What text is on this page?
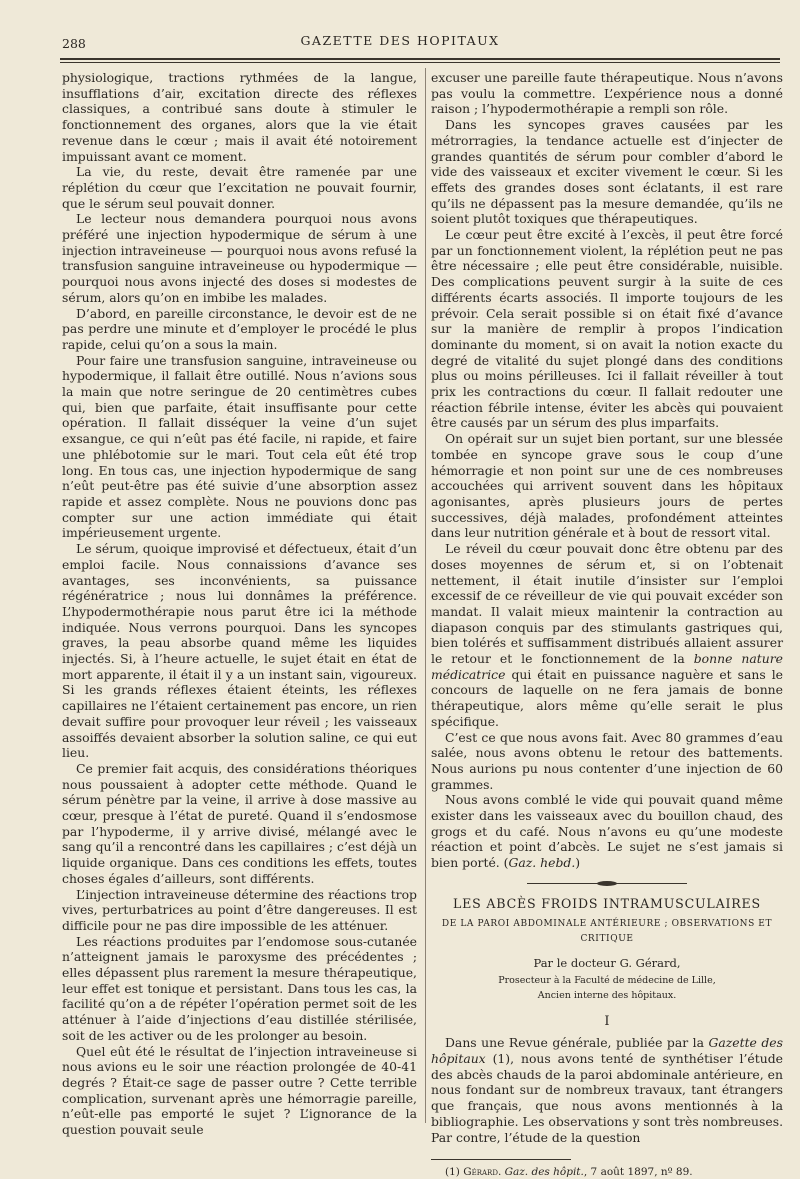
288	GAZETTE DES HOPITAUX

physiologique, tractions rythmées de la langue, insufflations d’air, excitation directe des réflexes classiques, a contribué sans doute à stimuler le fonctionnement des organes, alors que la vie était revenue dans le cœur ; mais il avait été notoirement impuissant avant ce moment.

La vie, du reste, devait être ramenée par une réplétion du cœur que l’excitation ne pouvait fournir, que le sérum seul pouvait donner.

Le lecteur nous demandera pourquoi nous avons préféré une injection hypodermique de sérum à une injection intraveineuse — pourquoi nous avons refusé la transfusion sanguine intraveineuse ou hypodermique — pourquoi nous avons injecté des doses si modestes de sérum, alors qu’on en imbibe les malades.

D’abord, en pareille circonstance, le devoir est de ne pas perdre une minute et d’employer le procédé le plus rapide, celui qu’on a sous la main.

Pour faire une transfusion sanguine, intraveineuse ou hypodermique, il fallait être outillé. Nous n’avions sous la main que notre seringue de 20 centimètres cubes qui, bien que parfaite, était insuffisante pour cette opération. Il fallait disséquer la veine d’un sujet exsangue, ce qui n’eût pas été facile, ni rapide, et faire une phlébotomie sur le mari. Tout cela eût été trop long. En tous cas, une injection hypodermique de sang n’eût peut-être pas été suivie d’une absorption assez rapide et assez complète. Nous ne pouvions donc pas compter sur une action immédiate qui était impérieusement urgente.

Le sérum, quoique improvisé et défectueux, était d’un emploi facile. Nous connaissions d’avance ses avantages, ses inconvénients, sa puissance régénératrice ; nous lui donnâmes la préférence. L’hypodermothérapie nous parut être ici la méthode indiquée. Nous verrons pourquoi. Dans les syncopes graves, la peau absorbe quand même les liquides injectés. Si, à l’heure actuelle, le sujet était en état de mort apparente, il était il y a un instant sain, vigoureux. Si les grands réflexes étaient éteints, les réflexes capillaires ne l’étaient certainement pas encore, un rien devait suffire pour provoquer leur réveil ; les vaisseaux assoiffés devaient absorber la solution saline, ce qui eut lieu.

Ce premier fait acquis, des considérations théoriques nous poussaient à adopter cette méthode. Quand le sérum pénètre par la veine, il arrive à dose massive au cœur, presque à l’état de pureté. Quand il s’endosmose par l’hypoderme, il y arrive divisé, mélangé avec le sang qu’il a rencontré dans les capillaires ; c’est déjà un liquide organique. Dans ces conditions les effets, toutes choses égales d’ailleurs, sont différents.

L’injection intraveineuse détermine des réactions trop vives, perturbatrices au point d’être dangereuses. Il est difficile pour ne pas dire impossible de les atténuer.

Les réactions produites par l’endomose sous-cutanée n’atteignent jamais le paroxysme des précédentes ; elles dépassent plus rarement la mesure thérapeutique, leur effet est tonique et persistant. Dans tous les cas, la facilité qu’on a de répéter l’opération permet soit de les atténuer à l’aide d’injections d’eau distillée stérilisée, soit de les activer ou de les prolonger au besoin.

Quel eût été le résultat de l’injection intraveineuse si nous avions eu le soir une réaction prolongée de 40-41 degrés ? Était-ce sage de passer outre ? Cette terrible complication, survenant après une hémorragie pareille, n’eût-elle pas emporté le sujet ? L’ignorance de la question pouvait seule

excuser une pareille faute thérapeutique. Nous n’avons pas voulu la commettre. L’expérience nous a donné raison ; l’hypodermothérapie a rempli son rôle.

Dans les syncopes graves causées par les métrorragies, la tendance actuelle est d’injecter de grandes quantités de sérum pour combler d’abord le vide des vaisseaux et exciter vivement le cœur. Si les effets des grandes doses sont éclatants, il est rare qu’ils ne dépassent pas la mesure demandée, qu’ils ne soient plutôt toxiques que thérapeutiques.

Le cœur peut être excité à l’excès, il peut être forcé par un fonctionnement violent, la réplétion peut ne pas être nécessaire ; elle peut être considérable, nuisible. Des complications peuvent surgir à la suite de ces différents écarts associés. Il importe toujours de les prévoir. Cela serait possible si on était fixé d’avance sur la manière de remplir à propos l’indication dominante du moment, si on avait la notion exacte du degré de vitalité du sujet plongé dans des conditions plus ou moins périlleuses. Ici il fallait réveiller à tout prix les contractions du cœur. Il fallait redouter une réaction fébrile intense, éviter les abcès qui pouvaient être causés par un sérum des plus imparfaits.

On opérait sur un sujet bien portant, sur une blessée tombée en syncope grave sous le coup d’une hémorragie et non point sur une de ces nombreuses accouchées qui arrivent souvent dans les hôpitaux agonisantes, après plusieurs jours de pertes successives, déjà malades, profondément atteintes dans leur nutrition générale et à bout de ressort vital.

Le réveil du cœur pouvait donc être obtenu par des doses moyennes de sérum et, si on l’obtenait nettement, il était inutile d’insister sur l’emploi excessif de ce réveilleur de vie qui pouvait excéder son mandat. Il valait mieux maintenir la contraction au diapason conquis par des stimulants gastriques qui, bien tolérés et suffisamment distribués allaient assurer le retour et le fonctionnement de la bonne nature médicatrice qui était en puissance naguère et sans le concours de laquelle on ne fera jamais de bonne thérapeutique, alors même qu’elle serait le plus spécifique.

C’est ce que nous avons fait. Avec 80 grammes d’eau salée, nous avons obtenu le retour des battements. Nous aurions pu nous contenter d’une injection de 60 grammes.

Nous avons comblé le vide qui pouvait quand même exister dans les vaisseaux avec du bouillon chaud, des grogs et du café. Nous n’avons eu qu’une modeste réaction et point d’abcès. Le sujet ne s’est jamais si bien porté. (Gaz. hebd.)

LES ABCÈS FROIDS INTRAMUSCULAIRES
DE LA PAROI ABDOMINALE ANTÉRIEURE ; OBSERVATIONS ET CRITIQUE
Par le docteur G. Gérard,
Prosecteur à la Faculté de médecine de Lille,
Ancien interne des hôpitaux.
I

Dans une Revue générale, publiée par la Gazette des hôpitaux (1), nous avons tenté de synthétiser l’étude des abcès chauds de la paroi abdominale antérieure, en nous fondant sur de nombreux travaux, tant étrangers que français, que nous avons mentionnés à la bibliographie. Les observations y sont très nombreuses. Par contre, l’étude de la question

(1) Gérard. Gaz. des hôpit., 7 août 1897, nº 89.
